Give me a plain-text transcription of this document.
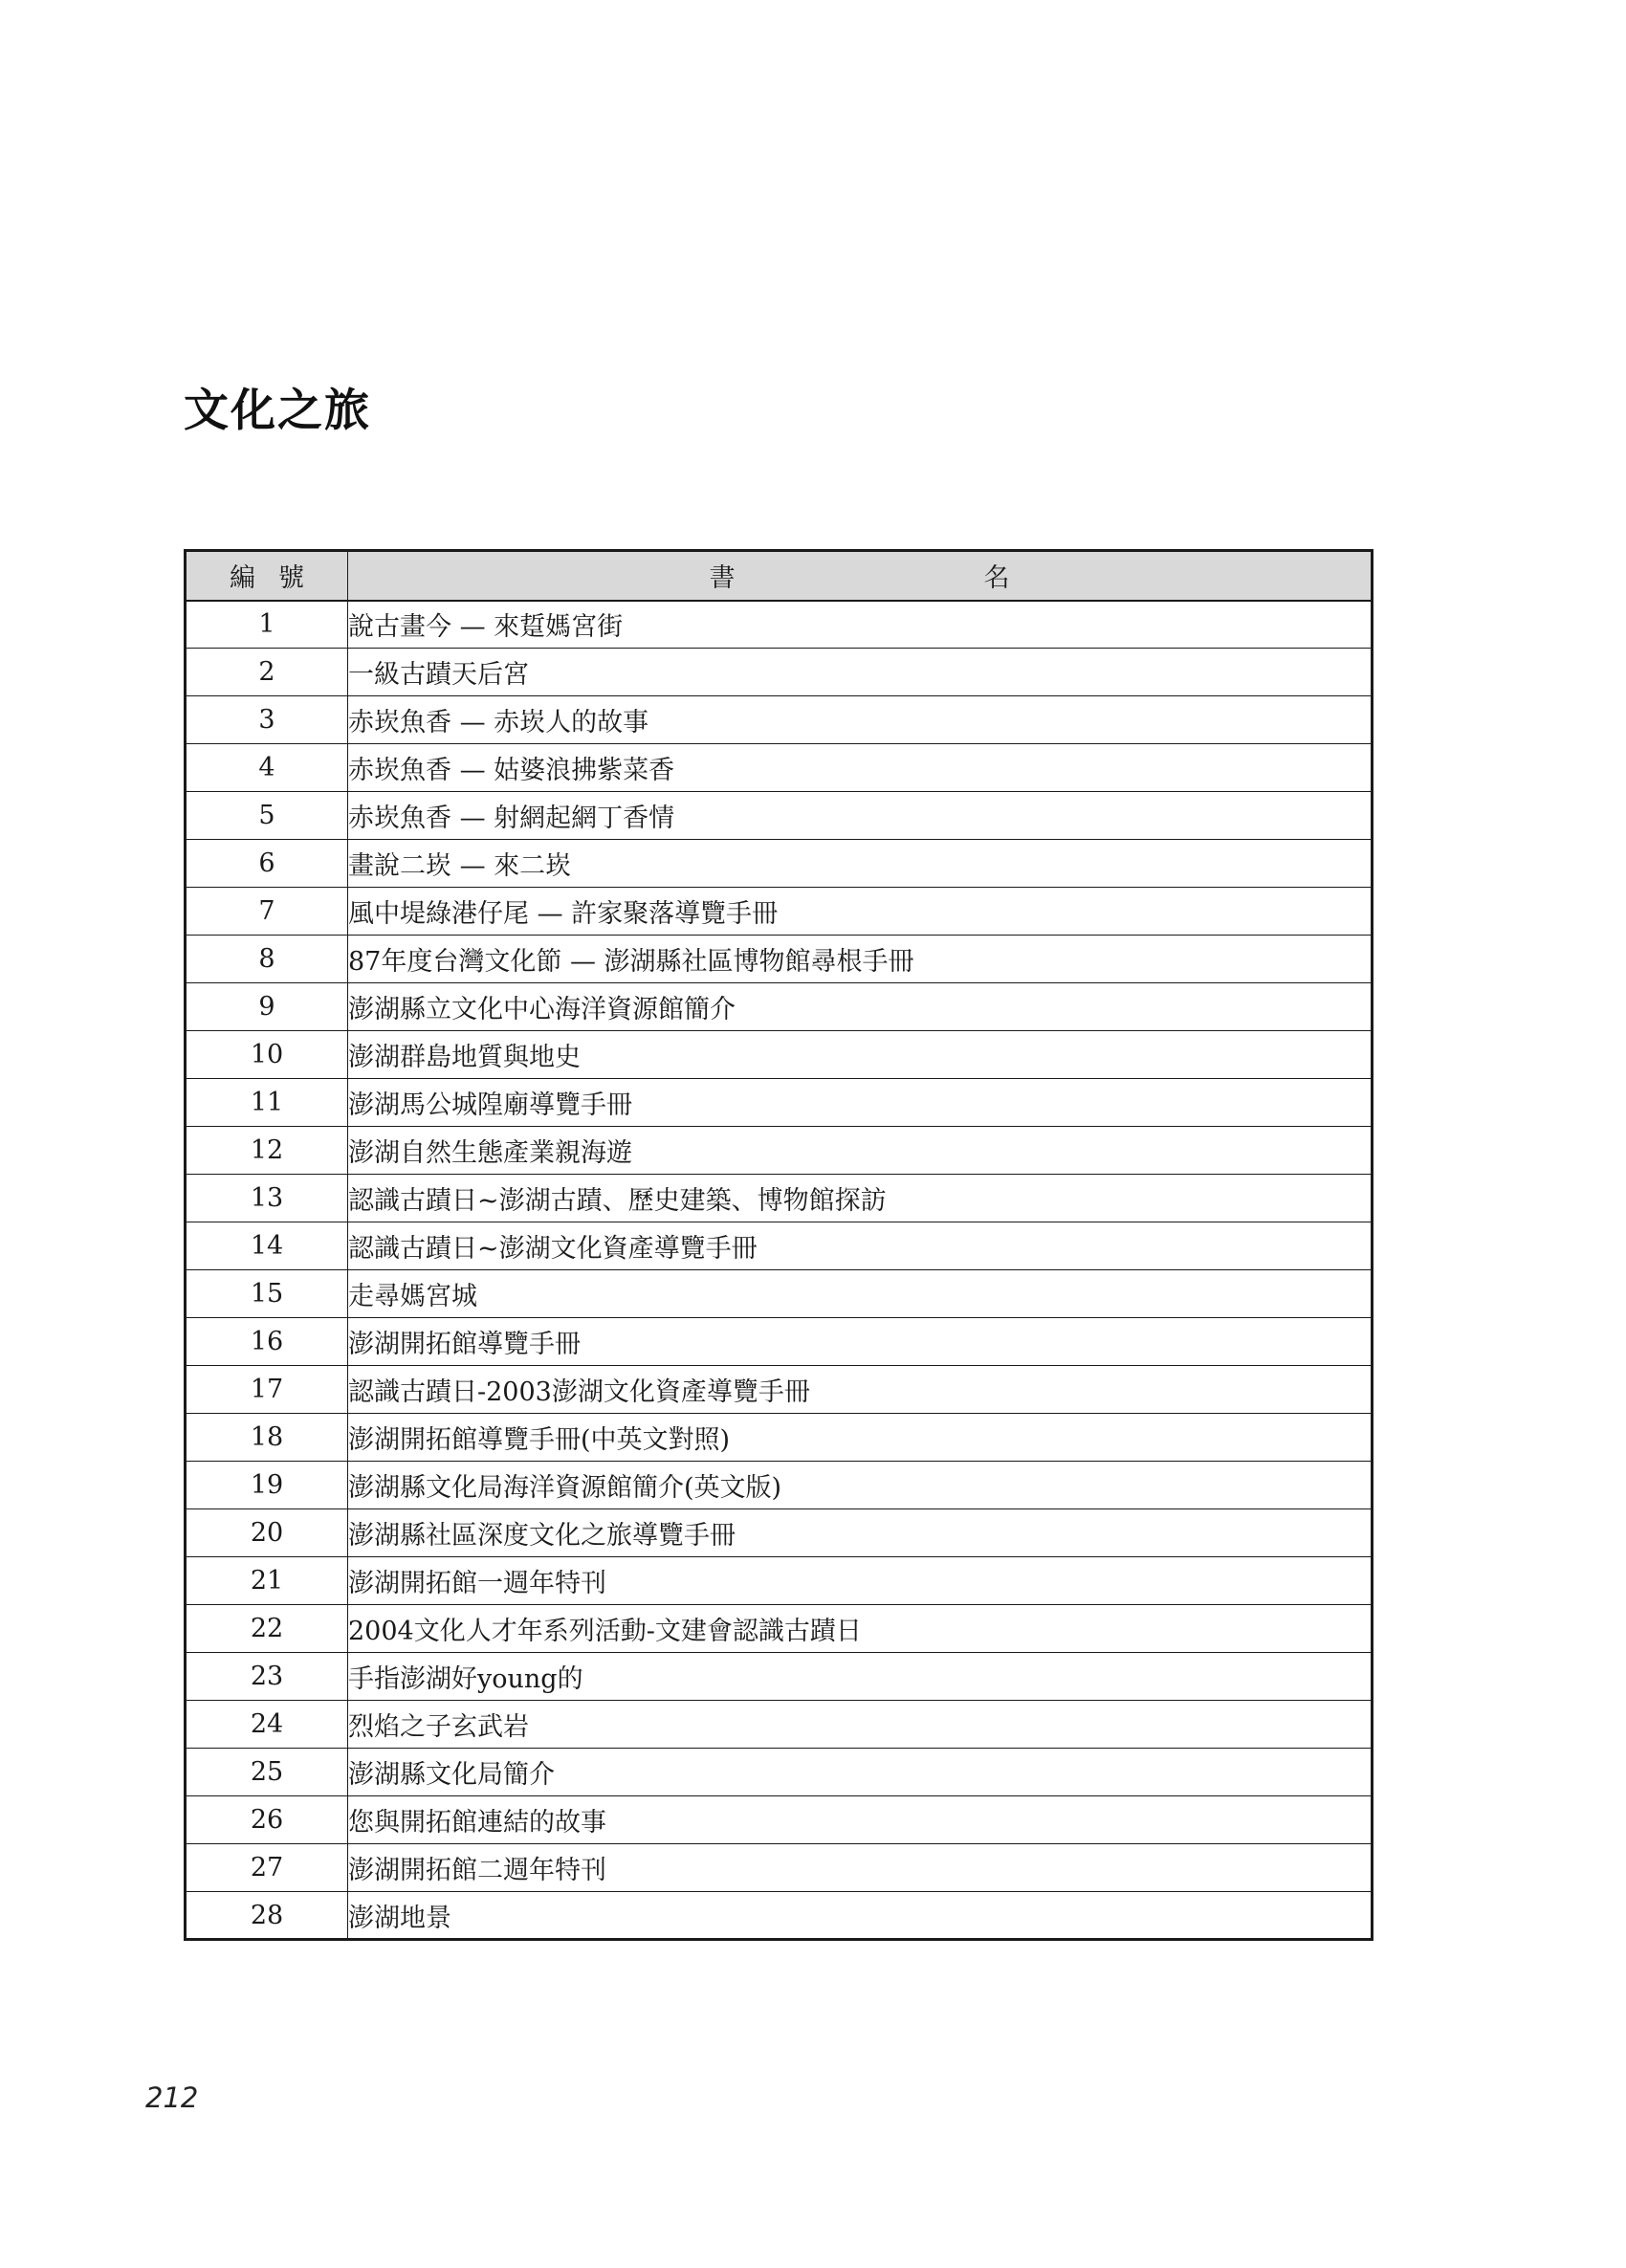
文化之旅
編號	書 名
1	說古畫今 — 來踅媽宮街
2	一級古蹟天后宮
3	赤崁魚香 — 赤崁人的故事
4	赤崁魚香 — 姑婆浪拂紫菜香
5	赤崁魚香 — 射網起網丁香情
6	畫說二崁 — 來二崁
7	風中堤綠港仔尾 — 許家聚落導覽手冊
8	87年度台灣文化節 — 澎湖縣社區博物館尋根手冊
9	澎湖縣立文化中心海洋資源館簡介
10	澎湖群島地質與地史
11	澎湖馬公城隍廟導覽手冊
12	澎湖自然生態產業親海遊
13	認識古蹟日~澎湖古蹟、歷史建築、博物館探訪
14	認識古蹟日~澎湖文化資產導覽手冊
15	走尋媽宮城
16	澎湖開拓館導覽手冊
17	認識古蹟日-2003澎湖文化資產導覽手冊
18	澎湖開拓館導覽手冊(中英文對照)
19	澎湖縣文化局海洋資源館簡介(英文版)
20	澎湖縣社區深度文化之旅導覽手冊
21	澎湖開拓館一週年特刊
22	2004文化人才年系列活動-文建會認識古蹟日
23	手指澎湖好young的
24	烈焰之子玄武岩
25	澎湖縣文化局簡介
26	您與開拓館連結的故事
27	澎湖開拓館二週年特刊
28	澎湖地景
212
